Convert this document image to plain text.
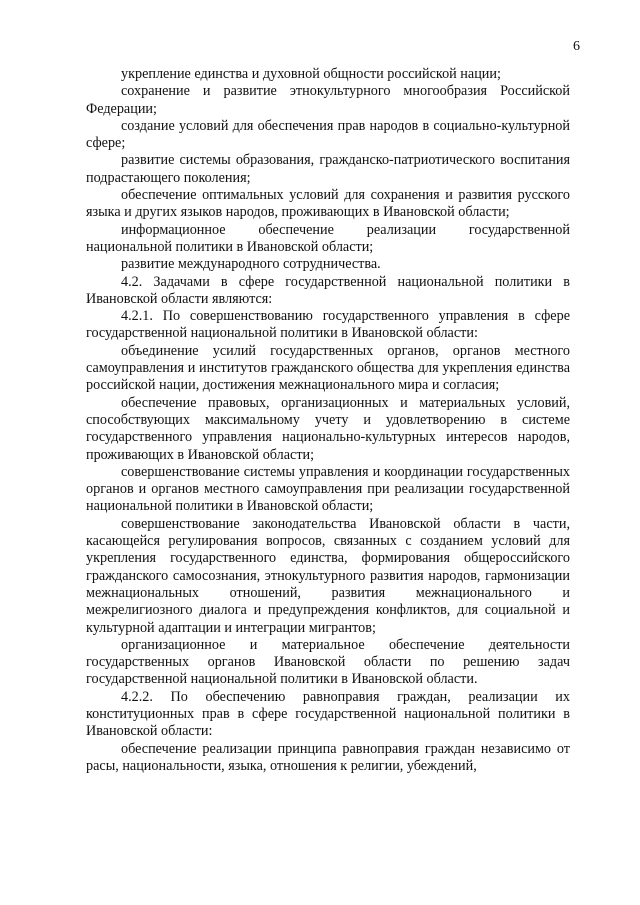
6

укрепление единства и духовной общности российской нации;

сохранение и развитие этнокультурного многообразия Российской Федерации;

создание условий для обеспечения прав народов в социально-культурной сфере;

развитие системы образования, гражданско-патриотического воспитания подрастающего поколения;

обеспечение оптимальных условий для сохранения и развития русского языка и других языков народов, проживающих в Ивановской области;

информационное обеспечение реализации государственной национальной политики в Ивановской области;

развитие международного сотрудничества.

4.2. Задачами в сфере государственной национальной политики в Ивановской области являются:

4.2.1. По совершенствованию государственного управления в сфере государственной национальной политики в Ивановской области:

объединение усилий государственных органов, органов местного самоуправления и институтов гражданского общества для укрепления единства российской нации, достижения межнационального мира и согласия;

обеспечение правовых, организационных и материальных условий, способствующих максимальному учету и удовлетворению в системе государственного управления национально-культурных интересов народов, проживающих в Ивановской области;

совершенствование системы управления и координации государственных органов и органов местного самоуправления при реализации государственной национальной политики в Ивановской области;

совершенствование законодательства Ивановской области в части, касающейся регулирования вопросов, связанных с созданием условий для укрепления государственного единства, формирования общероссийского гражданского самосознания, этнокультурного развития народов, гармонизации межнациональных отношений, развития межнационального и межрелигиозного диалога и предупреждения конфликтов, для социальной и культурной адаптации и интеграции мигрантов;

организационное и материальное обеспечение деятельности государственных органов Ивановской области по решению задач государственной национальной политики в Ивановской области.

4.2.2. По обеспечению равноправия граждан, реализации их конституционных прав в сфере государственной национальной политики в Ивановской области:

обеспечение реализации принципа равноправия граждан независимо от расы, национальности, языка, отношения к религии, убеждений,
